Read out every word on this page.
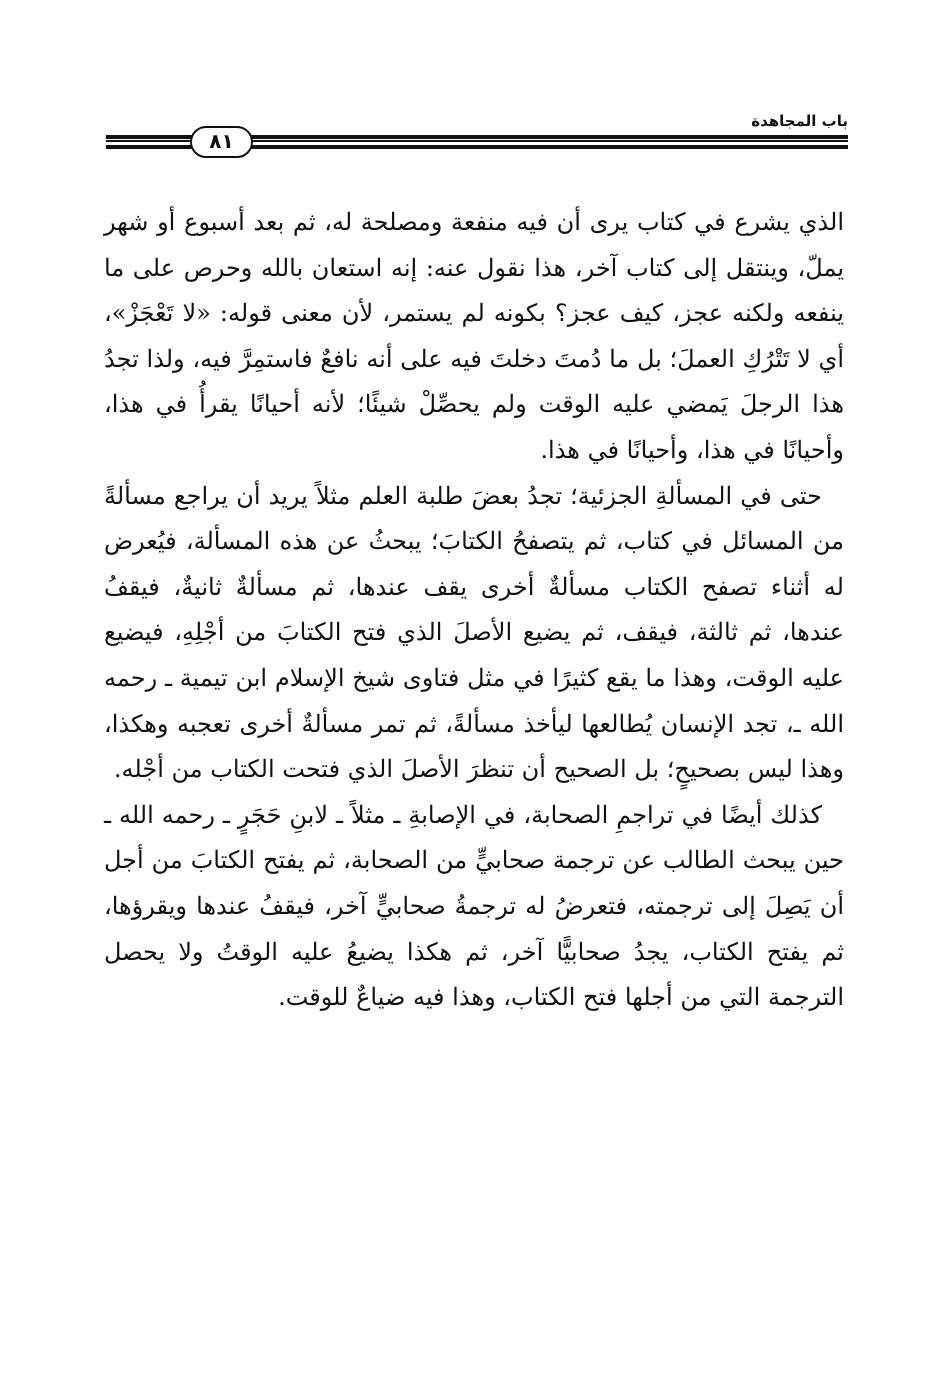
باب المجاهدة
٨١

الذي يشرع في كتاب يرى أن فيه منفعة ومصلحة له، ثم بعد أسبوع أو شهر يملّ، وينتقل إلى كتاب آخر، هذا نقول عنه: إنه استعان بالله وحرص على ما ينفعه ولكنه عجز، كيف عجز؟ بكونه لم يستمر، لأن معنى قوله: «لا تَعْجَزْ»، أي لا تَتْرُكِ العملَ؛ بل ما دُمتَ دخلتَ فيه على أنه نافعٌ فاستمِرَّ فيه، ولذا تجدُ هذا الرجلَ يَمضي عليه الوقت ولم يحصِّلْ شيئًا؛ لأنه أحيانًا يقرأُ في هذا، وأحيانًا في هذا، وأحيانًا في هذا.

حتى في المسألةِ الجزئية؛ تجدُ بعضَ طلبة العلم مثلاً يريد أن يراجع مسألةً من المسائل في كتاب، ثم يتصفحُ الكتابَ؛ يبحثُ عن هذه المسألة، فيُعرض له أثناء تصفح الكتاب مسألةٌ أخرى يقف عندها، ثم مسألةٌ ثانيةٌ، فيقفُ عندها، ثم ثالثة، فيقف، ثم يضيع الأصلَ الذي فتح الكتابَ من أجْلِهِ، فيضيع عليه الوقت، وهذا ما يقع كثيرًا في مثل فتاوى شيخ الإسلام ابن تيمية ـ رحمه الله ـ، تجد الإنسان يُطالعها ليأخذ مسألةً، ثم تمر مسألةٌ أخرى تعجبه وهكذا، وهذا ليس بصحيحٍ؛ بل الصحيح أن تنظرَ الأصلَ الذي فتحت الكتاب من أجْله.

كذلك أيضًا في تراجمِ الصحابة، في الإصابةِ ـ مثلاً ـ لابنِ حَجَرٍ ـ رحمه الله ـ حين يبحث الطالب عن ترجمة صحابيٍّ من الصحابة، ثم يفتح الكتابَ من أجل أن يَصِلَ إلى ترجمته، فتعرضُ له ترجمةُ صحابيٍّ آخر، فيقفُ عندها ويقرؤها، ثم يفتح الكتاب، يجدُ صحابيًّا آخر، ثم هكذا يضيعُ عليه الوقتُ ولا يحصل الترجمة التي من أجلها فتح الكتاب، وهذا فيه ضياعٌ للوقت.
